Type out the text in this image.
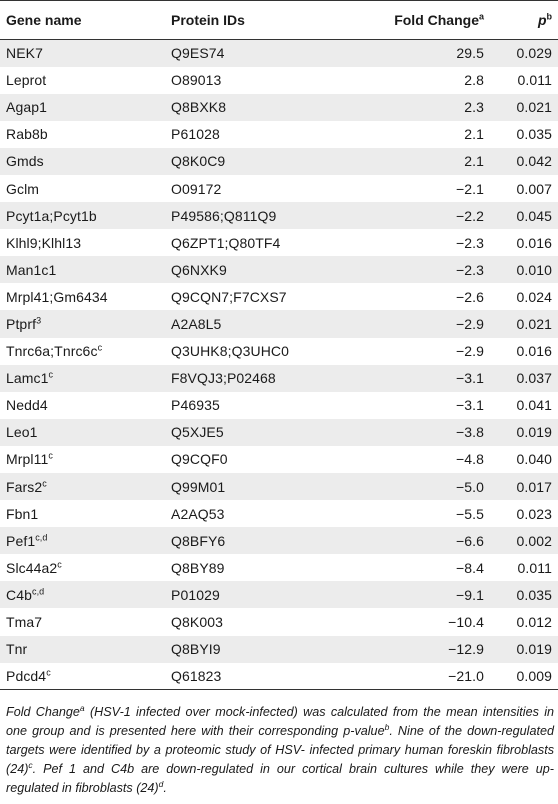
Gene name	Protein IDs	Fold Change$^a$	$p^b$
NEK7	Q9ES74	29.5	0.029
Leprot	O89013	2.8	0.011
Agap1	Q8BXK8	2.3	0.021
Rab8b	P61028	2.1	0.035
Gmds	Q8K0C9	2.1	0.042
Gclm	O09172	−2.1	0.007
Pcyt1a;Pcyt1b	P49586;Q811Q9	−2.2	0.045
Klhl9;Klhl13	Q6ZPT1;Q80TF4	−2.3	0.016
Man1c1	Q6NXK9	−2.3	0.010
Mrpl41;Gm6434	Q9CQN7;F7CXS7	−2.6	0.024
Ptprf$^3$	A2A8L5	−2.9	0.021
$Tnrc6a;Tnrc6c^c$	Q3UHK8;Q3UHC0	−2.9	0.016
Lamc1$^c$	F8VQJ3;P02468	−3.1	0.037
Nedd4	P46935	−3.1	0.041
Leo1	Q5XJE5	−3.8	0.019
Mrpl11$^c$	Q9CQF0	−4.8	0.040
Fars2$^c$	Q99M01	−5.0	0.017
Fbn1	A2AQ53	−5.5	0.023
Pef1$^{c,d}$	Q8BFY6	−6.6	0.002
Slc44a2$^c$	Q8BY89	−8.4	0.011
$C4b^{c,d}$	P01029	−9.1	0.035
Tma7	Q8K003	−10.4	0.012
Tnr	Q8BYI9	−12.9	0.019
Pdcd4$^c$	Q61823	−21.0	0.009
Fold Change$^a$ (HSV-1 infected over mock-infected) was calculated from the mean intensities in one group and is presented here with their corresponding p-value$^b$. Nine of the down-regulated targets were identified by a proteomic study of HSV- infected primary human foreskin fibroblasts $(24)^c$. Pef 1 and C4b are down-regulated in our cortical brain cultures while they were up-regulated in fibroblasts $(24)^d$.
